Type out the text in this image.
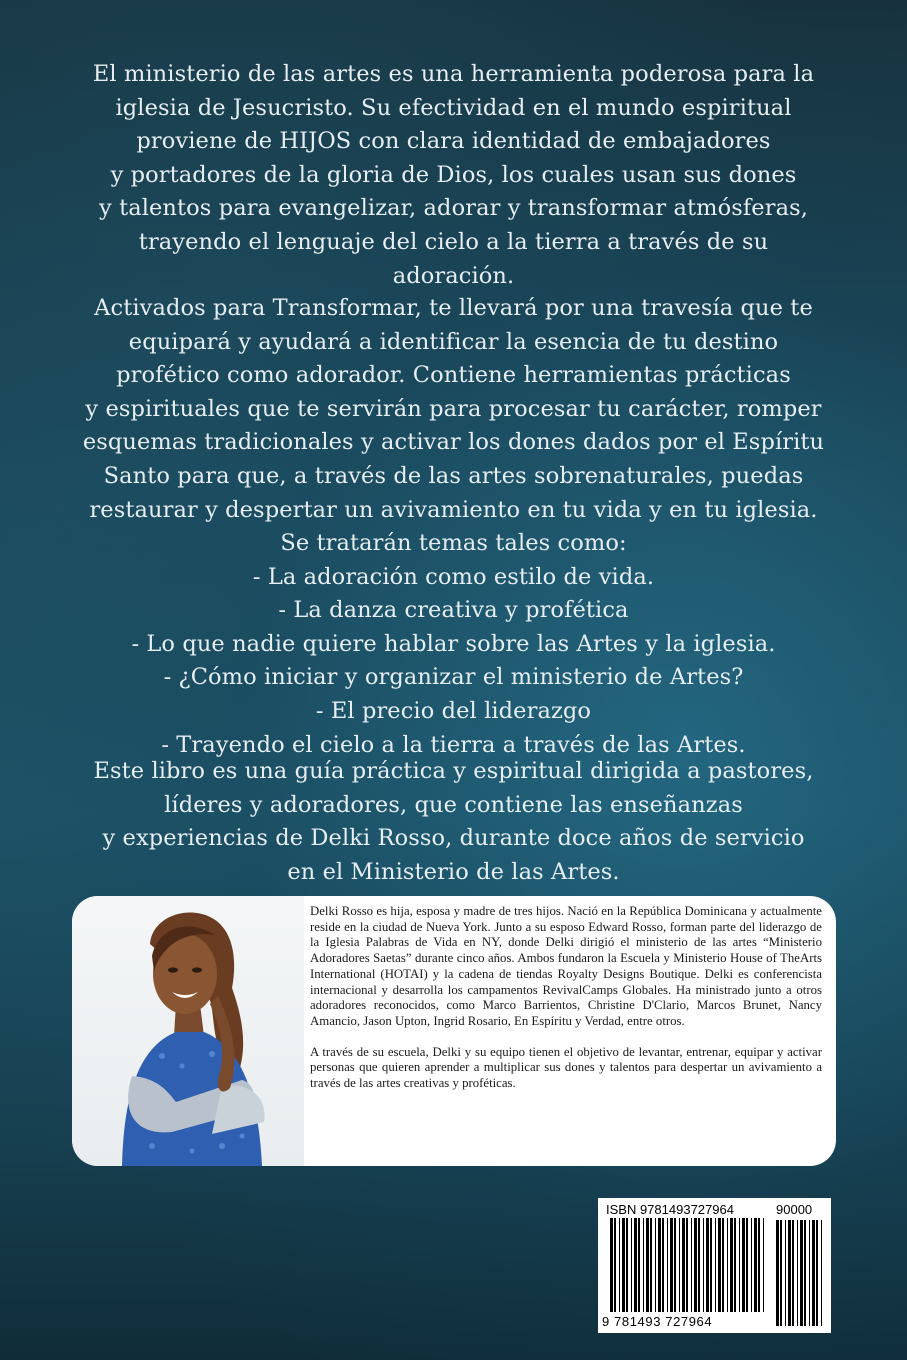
El ministerio de las artes es una herramienta poderosa para la
iglesia de Jesucristo. Su efectividad en el mundo espiritual
proviene de HIJOS con clara identidad de embajadores
y portadores de la gloria de Dios, los cuales usan sus dones
y talentos para evangelizar, adorar y transformar atmósferas,
trayendo el lenguaje del cielo a la tierra a través de su
adoración.
Activados para Transformar, te llevará por una travesía que te
equipará y ayudará a identificar la esencia de tu destino
profético como adorador. Contiene herramientas prácticas
y espirituales que te servirán para procesar tu carácter, romper
esquemas tradicionales y activar los dones dados por el Espíritu
Santo para que, a través de las artes sobrenaturales, puedas
restaurar y despertar un avivamiento en tu vida y en tu iglesia.
Se tratarán temas tales como:
- La adoración como estilo de vida.
- La danza creativa y profética
- Lo que nadie quiere hablar sobre las Artes y la iglesia.
- ¿Cómo iniciar y organizar el ministerio de Artes?
- El precio del liderazgo
- Trayendo el cielo a la tierra a través de las Artes.
Este libro es una guía práctica y espiritual dirigida a pastores,
líderes y adoradores, que contiene las enseñanzas
y experiencias de Delki Rosso, durante doce años de servicio
en el Ministerio de las Artes.

Delki Rosso es hija, esposa y madre de tres hijos. Nació en la República Dominicana y actualmente reside en la ciudad de Nueva York. Junto a su esposo Edward Rosso, forman parte del liderazgo de la Iglesia Palabras de Vida en NY, donde Delki dirigió el ministerio de las artes “Ministerio Adoradores Saetas” durante cinco años. Ambos fundaron la Escuela y Ministerio House of TheArts International (HOTAI) y la cadena de tiendas Royalty Designs Boutique. Delki es conferencista internacional y desarrolla los campamentos RevivalCamps Globales. Ha ministrado junto a otros adoradores reconocidos, como Marco Barrientos, Christine D'Clario, Marcos Brunet, Nancy Amancio, Jason Upton, Ingrid Rosario, En Espíritu y Verdad, entre otros.

A través de su escuela, Delki y su equipo tienen el objetivo de levantar, entrenar, equipar y activar personas que quieren aprender a multiplicar sus dones y talentos para despertar un avivamiento a través de las artes creativas y proféticas.

ISBN 9781493727964	90000
9 781493 727964
